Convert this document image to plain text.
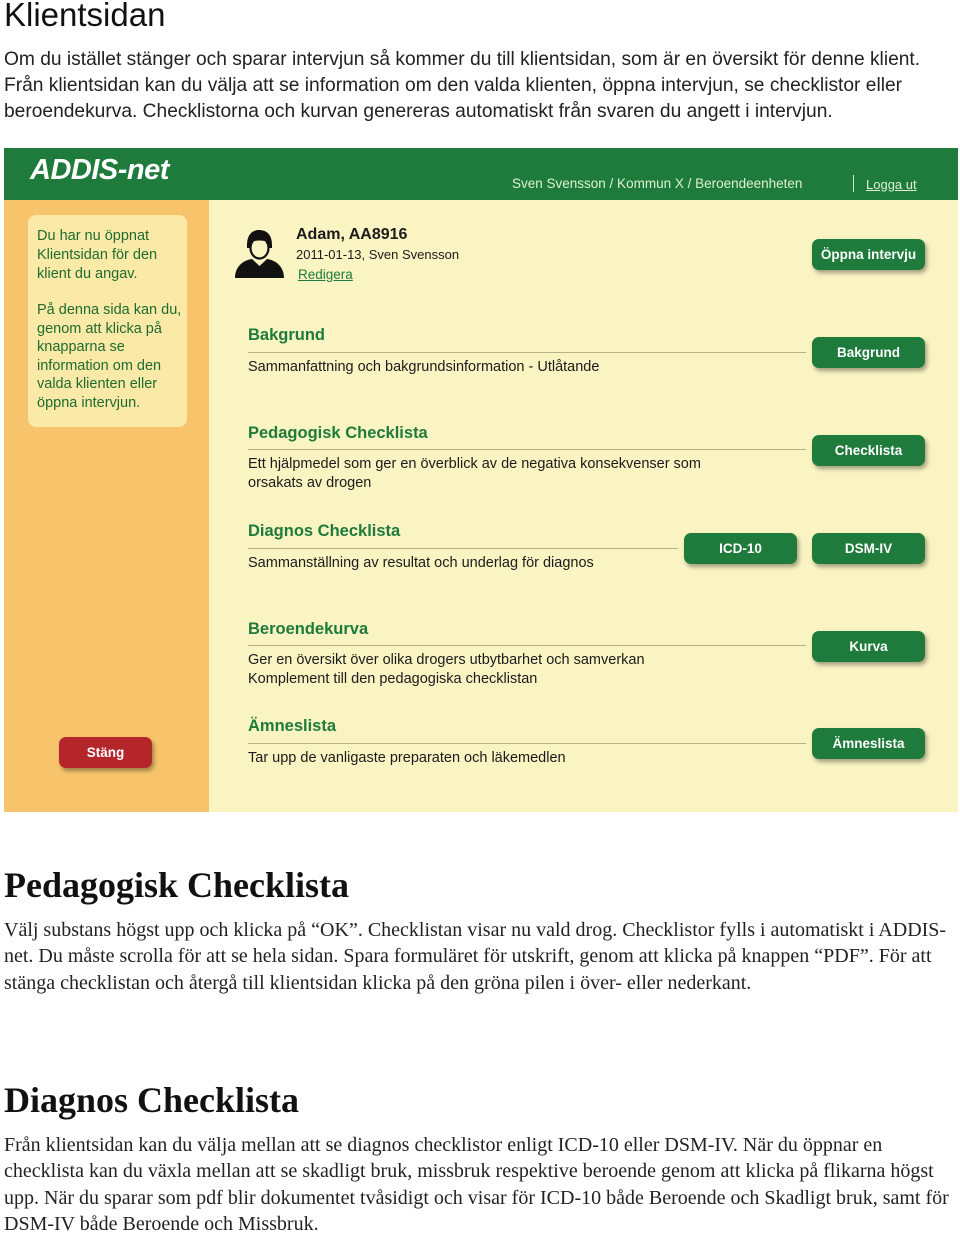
Klientsidan

Om du istället stänger och sparar intervjun så kommer du till klientsidan, som är en översikt för denne klient. Från klientsidan kan du välja att se information om den valda klienten, öppna intervjun, se checklistor eller beroendekurva. Checklistorna och kurvan genereras automatiskt från svaren du angett i intervjun.

ADDIS-net	Sven Svensson / Kommun X / Beroendeenheten	Logga ut
Du har nu öppnat Klientsidan för den klient du angav.
På denna sida kan du, genom att klicka på knapparna se information om den valda klienten eller öppna intervjun.
Stäng
Adam, AA8916
2011-01-13, Sven Svensson
Redigera
Öppna intervju
Bakgrund
Sammanfattning och bakgrundsinformation - Utlåtande
Bakgrund
Pedagogisk Checklista
Ett hjälpmedel som ger en överblick av de negativa konsekvenser som orsakats av drogen
Checklista
Diagnos Checklista
Sammanställning av resultat och underlag för diagnos
ICD-10	DSM-IV
Beroendekurva
Ger en översikt över olika drogers utbytbarhet och samverkan Komplement till den pedagogiska checklistan
Kurva
Ämneslista
Tar upp de vanligaste preparaten och läkemedlen
Ämneslista
Pedagogisk Checklista

Välj substans högst upp och klicka på “OK”. Checklistan visar nu vald drog. Checklistor fylls i automatiskt i ADDIS-net. Du måste scrolla för att se hela sidan. Spara formuläret för utskrift, genom att klicka på knappen “PDF”. För att stänga checklistan och återgå till klientsidan klicka på den gröna pilen i över- eller nederkant.

Diagnos Checklista

Från klientsidan kan du välja mellan att se diagnos checklistor enligt ICD-10 eller DSM-IV. När du öppnar en checklista kan du växla mellan att se skadligt bruk, missbruk respektive beroende genom att klicka på flikarna högst upp. När du sparar som pdf blir dokumentet tvåsidigt och visar för ICD-10 både Beroende och Skadligt bruk, samt för DSM-IV både Beroende och Missbruk.
